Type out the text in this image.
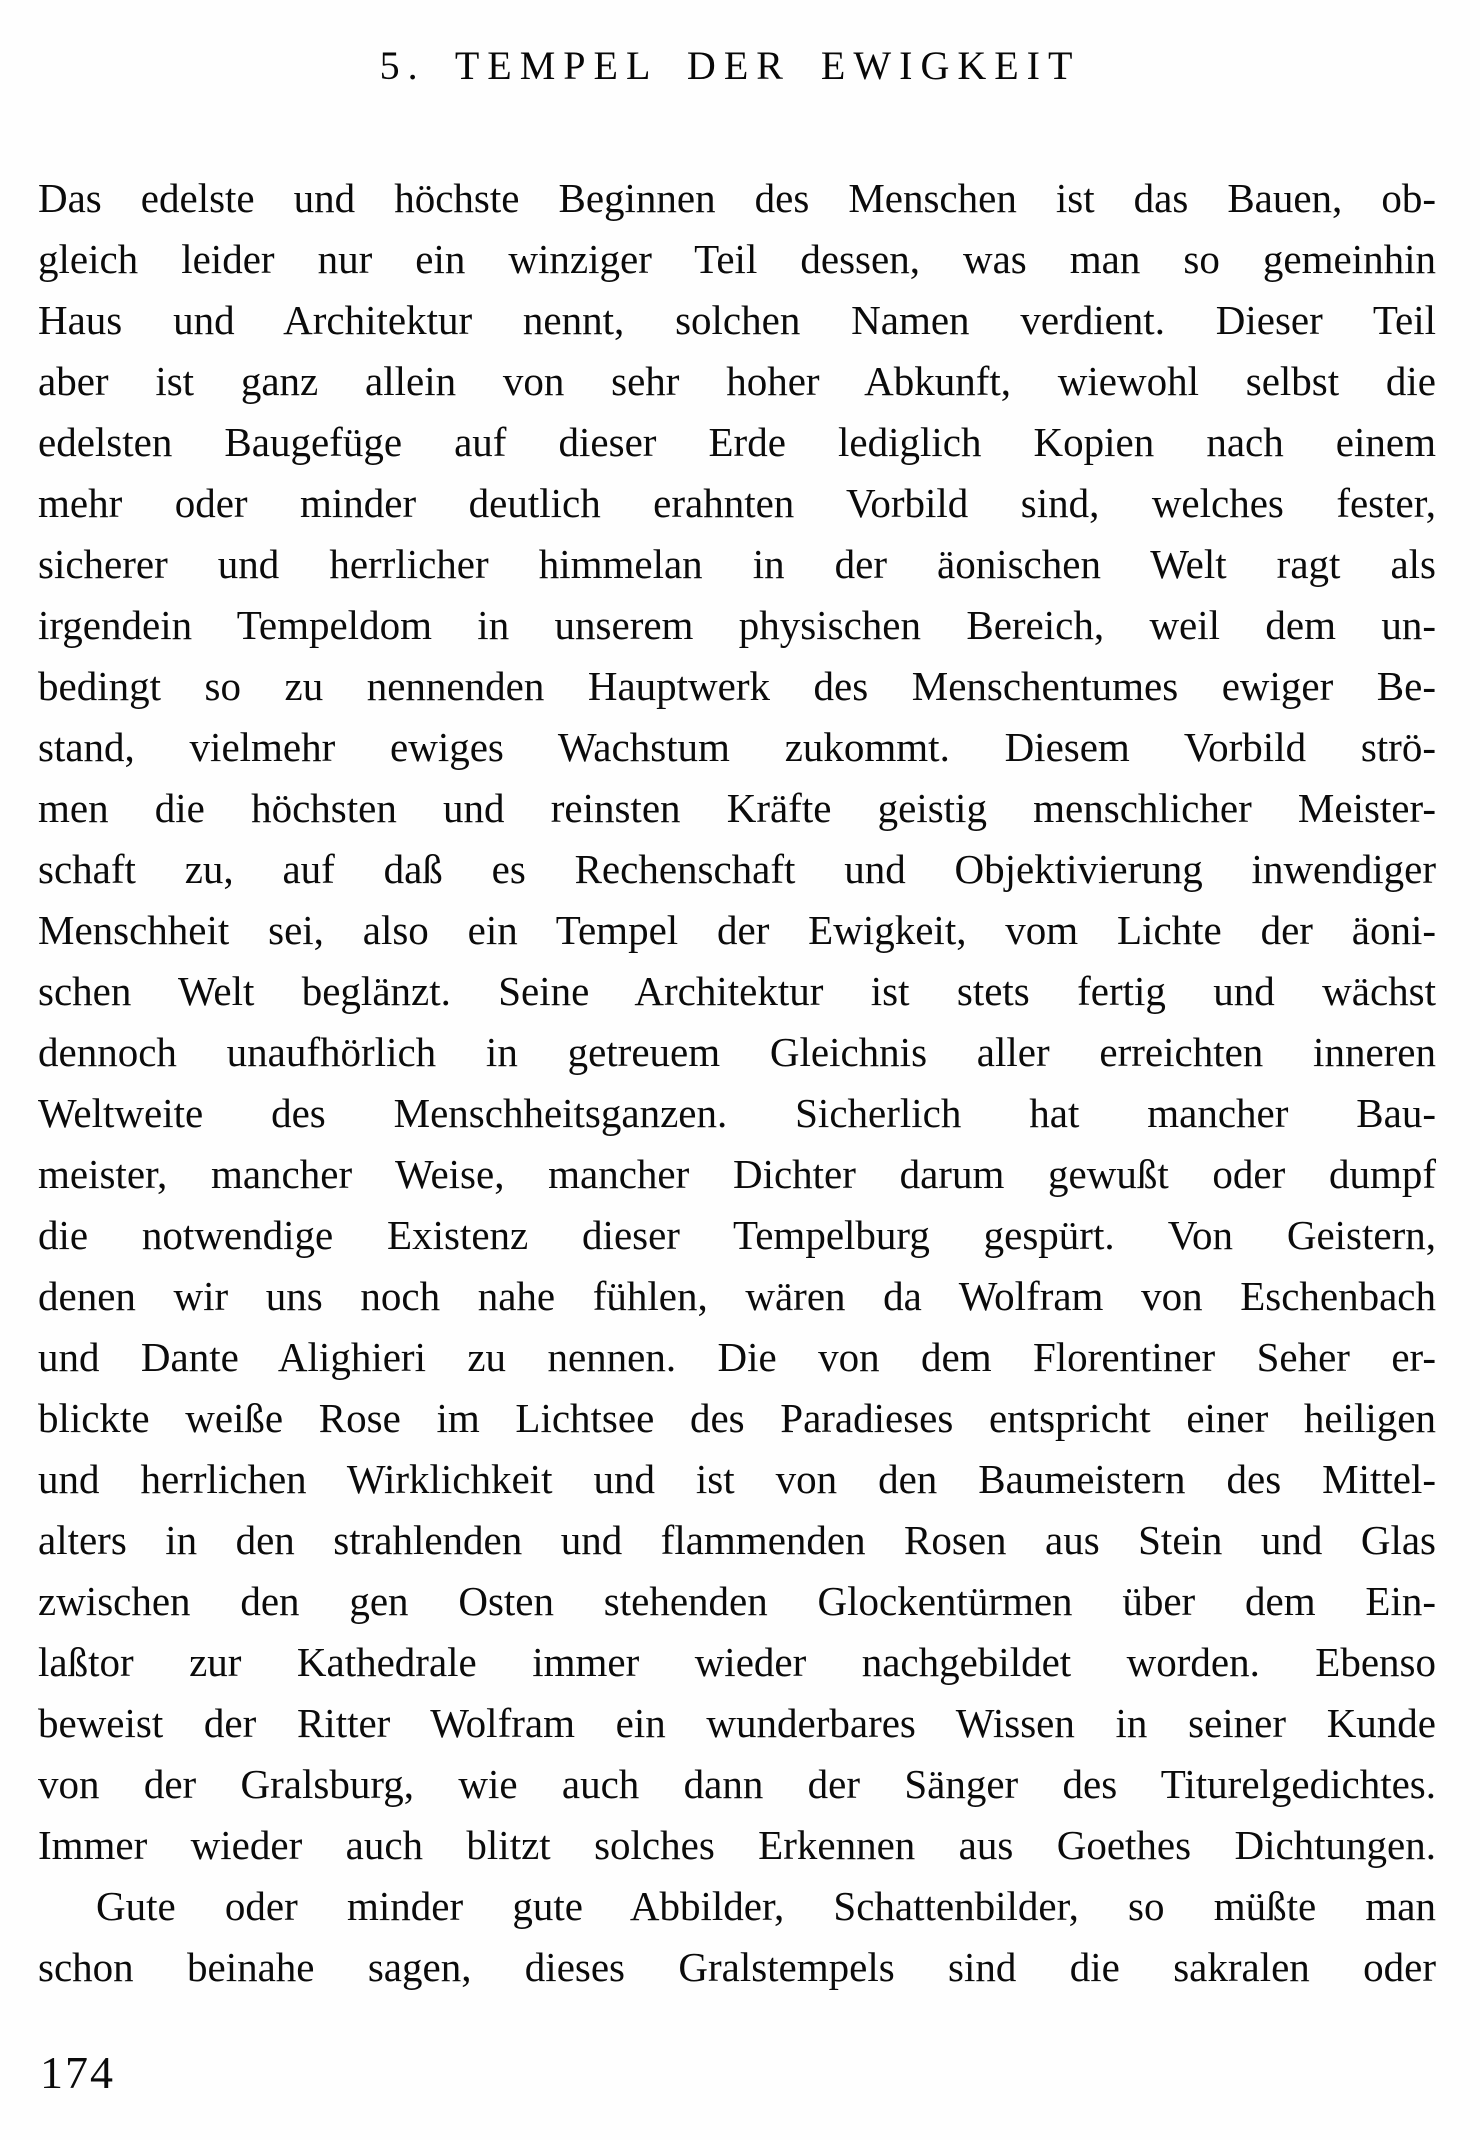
5. TEMPEL DER EWIGKEIT
Das edelste und höchste Beginnen des Menschen ist das Bauen, ob-
gleich leider nur ein winziger Teil dessen, was man so gemeinhin
Haus und Architektur nennt, solchen Namen verdient. Dieser Teil
aber ist ganz allein von sehr hoher Abkunft, wiewohl selbst die
edelsten Baugefüge auf dieser Erde lediglich Kopien nach einem
mehr oder minder deutlich erahnten Vorbild sind, welches fester,
sicherer und herrlicher himmelan in der äonischen Welt ragt als
irgendein Tempeldom in unserem physischen Bereich, weil dem un-
bedingt so zu nennenden Hauptwerk des Menschentumes ewiger Be-
stand, vielmehr ewiges Wachstum zukommt. Diesem Vorbild strö-
men die höchsten und reinsten Kräfte geistig menschlicher Meister-
schaft zu, auf daß es Rechenschaft und Objektivierung inwendiger
Menschheit sei, also ein Tempel der Ewigkeit, vom Lichte der äoni-
schen Welt beglänzt. Seine Architektur ist stets fertig und wächst
dennoch unaufhörlich in getreuem Gleichnis aller erreichten inneren
Weltweite des Menschheitsganzen. Sicherlich hat mancher Bau-
meister, mancher Weise, mancher Dichter darum gewußt oder dumpf
die notwendige Existenz dieser Tempelburg gespürt. Von Geistern,
denen wir uns noch nahe fühlen, wären da Wolfram von Eschenbach
und Dante Alighieri zu nennen. Die von dem Florentiner Seher er-
blickte weiße Rose im Lichtsee des Paradieses entspricht einer heiligen
und herrlichen Wirklichkeit und ist von den Baumeistern des Mittel-
alters in den strahlenden und flammenden Rosen aus Stein und Glas
zwischen den gen Osten stehenden Glockentürmen über dem Ein-
laßtor zur Kathedrale immer wieder nachgebildet worden. Ebenso
beweist der Ritter Wolfram ein wunderbares Wissen in seiner Kunde
von der Gralsburg, wie auch dann der Sänger des Titurelgedichtes.
Immer wieder auch blitzt solches Erkennen aus Goethes Dichtungen.
Gute oder minder gute Abbilder, Schattenbilder, so müßte man
schon beinahe sagen, dieses Gralstempels sind die sakralen oder
174
